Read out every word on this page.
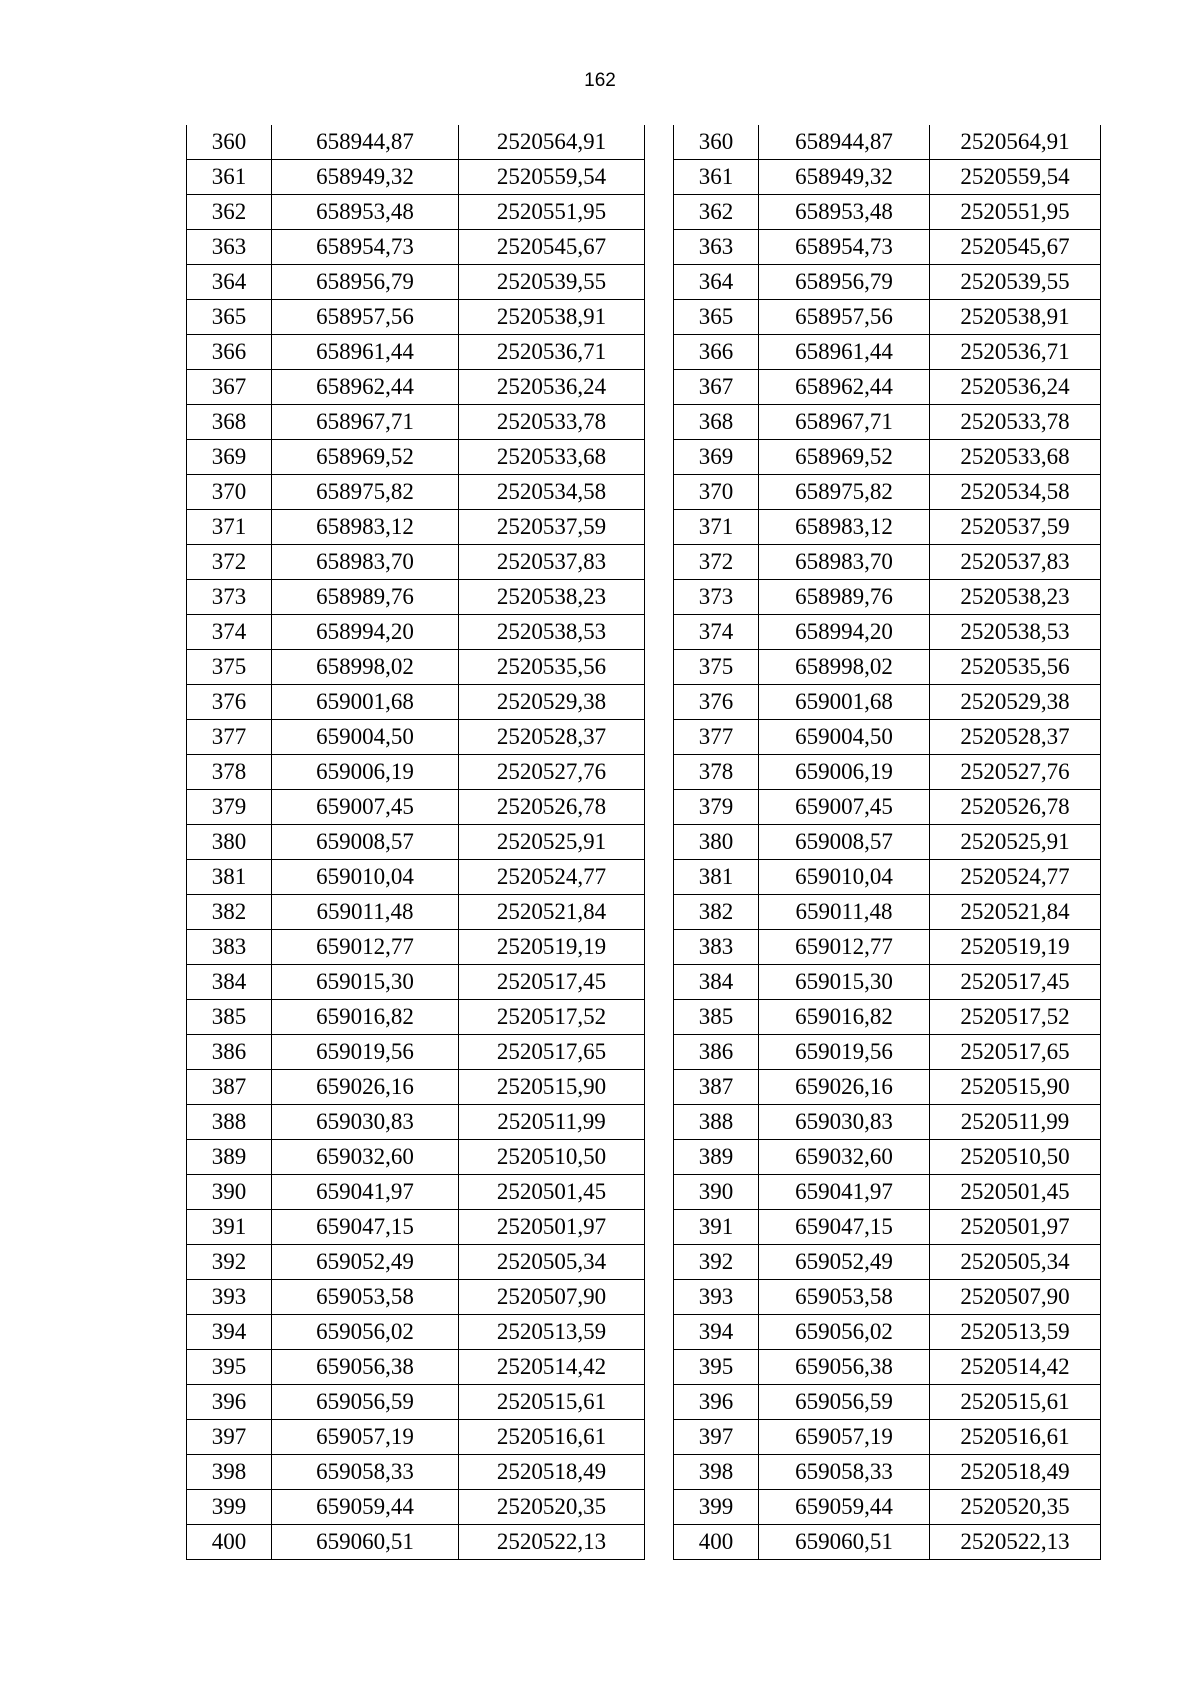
162
360	658944,87	2520564,91
361	658949,32	2520559,54
362	658953,48	2520551,95
363	658954,73	2520545,67
364	658956,79	2520539,55
365	658957,56	2520538,91
366	658961,44	2520536,71
367	658962,44	2520536,24
368	658967,71	2520533,78
369	658969,52	2520533,68
370	658975,82	2520534,58
371	658983,12	2520537,59
372	658983,70	2520537,83
373	658989,76	2520538,23
374	658994,20	2520538,53
375	658998,02	2520535,56
376	659001,68	2520529,38
377	659004,50	2520528,37
378	659006,19	2520527,76
379	659007,45	2520526,78
380	659008,57	2520525,91
381	659010,04	2520524,77
382	659011,48	2520521,84
383	659012,77	2520519,19
384	659015,30	2520517,45
385	659016,82	2520517,52
386	659019,56	2520517,65
387	659026,16	2520515,90
388	659030,83	2520511,99
389	659032,60	2520510,50
390	659041,97	2520501,45
391	659047,15	2520501,97
392	659052,49	2520505,34
393	659053,58	2520507,90
394	659056,02	2520513,59
395	659056,38	2520514,42
396	659056,59	2520515,61
397	659057,19	2520516,61
398	659058,33	2520518,49
399	659059,44	2520520,35
400	659060,51	2520522,13
360	658944,87	2520564,91
361	658949,32	2520559,54
362	658953,48	2520551,95
363	658954,73	2520545,67
364	658956,79	2520539,55
365	658957,56	2520538,91
366	658961,44	2520536,71
367	658962,44	2520536,24
368	658967,71	2520533,78
369	658969,52	2520533,68
370	658975,82	2520534,58
371	658983,12	2520537,59
372	658983,70	2520537,83
373	658989,76	2520538,23
374	658994,20	2520538,53
375	658998,02	2520535,56
376	659001,68	2520529,38
377	659004,50	2520528,37
378	659006,19	2520527,76
379	659007,45	2520526,78
380	659008,57	2520525,91
381	659010,04	2520524,77
382	659011,48	2520521,84
383	659012,77	2520519,19
384	659015,30	2520517,45
385	659016,82	2520517,52
386	659019,56	2520517,65
387	659026,16	2520515,90
388	659030,83	2520511,99
389	659032,60	2520510,50
390	659041,97	2520501,45
391	659047,15	2520501,97
392	659052,49	2520505,34
393	659053,58	2520507,90
394	659056,02	2520513,59
395	659056,38	2520514,42
396	659056,59	2520515,61
397	659057,19	2520516,61
398	659058,33	2520518,49
399	659059,44	2520520,35
400	659060,51	2520522,13
